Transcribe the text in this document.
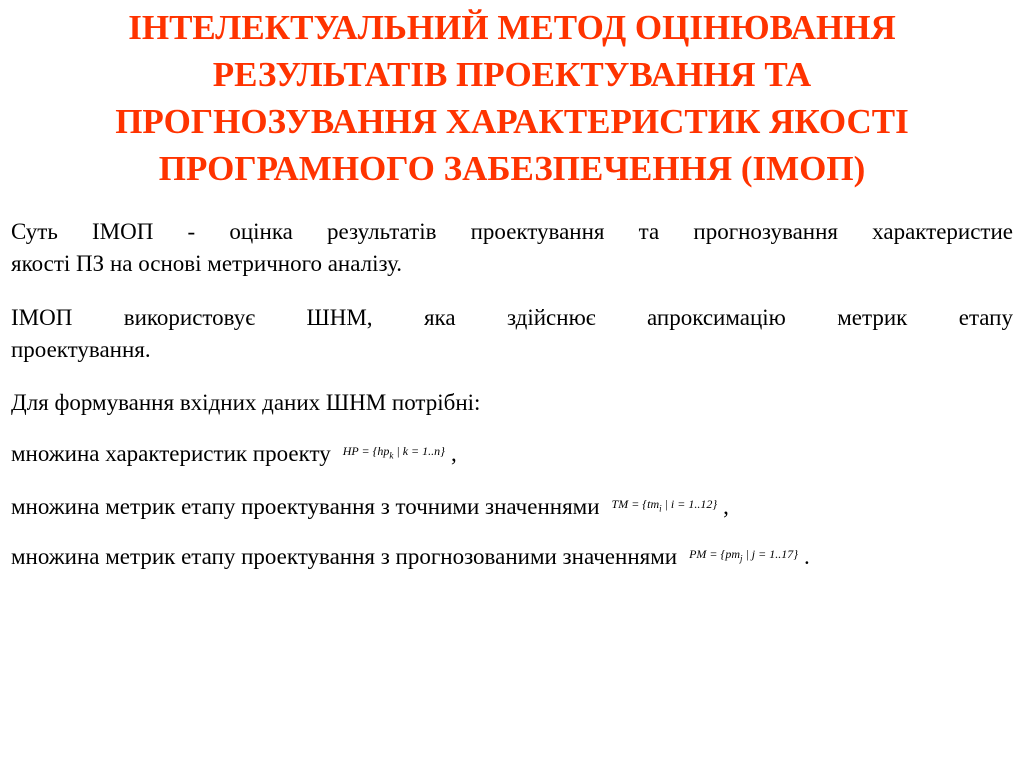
ІНТЕЛЕКТУАЛЬНИЙ МЕТОД ОЦІНЮВАННЯ
РЕЗУЛЬТАТІВ ПРОЕКТУВАННЯ ТА
ПРОГНОЗУВАННЯ ХАРАКТЕРИСТИК ЯКОСТІ
ПРОГРАМНОГО ЗАБЕЗПЕЧЕННЯ (ІМОП)

Суть ІМОП - оцінка результатів проектування та прогнозування характеристие
якості ПЗ на основі метричного аналізу.

ІМОП використовує ШНМ, яка здійснює апроксимацію метрик етапу
проектування.

Для формування вхідних даних ШНМ потрібні:

множина характеристик проекту HP = {$hp_k$ | k = 1..n} ,

множина метрик етапу проектування з точними значеннями TM = {$tm_i$ | i = 1..12} ,

множина метрик етапу проектування з прогнозованими значеннями PM = {$pm_j$ | j = 1..17} .
